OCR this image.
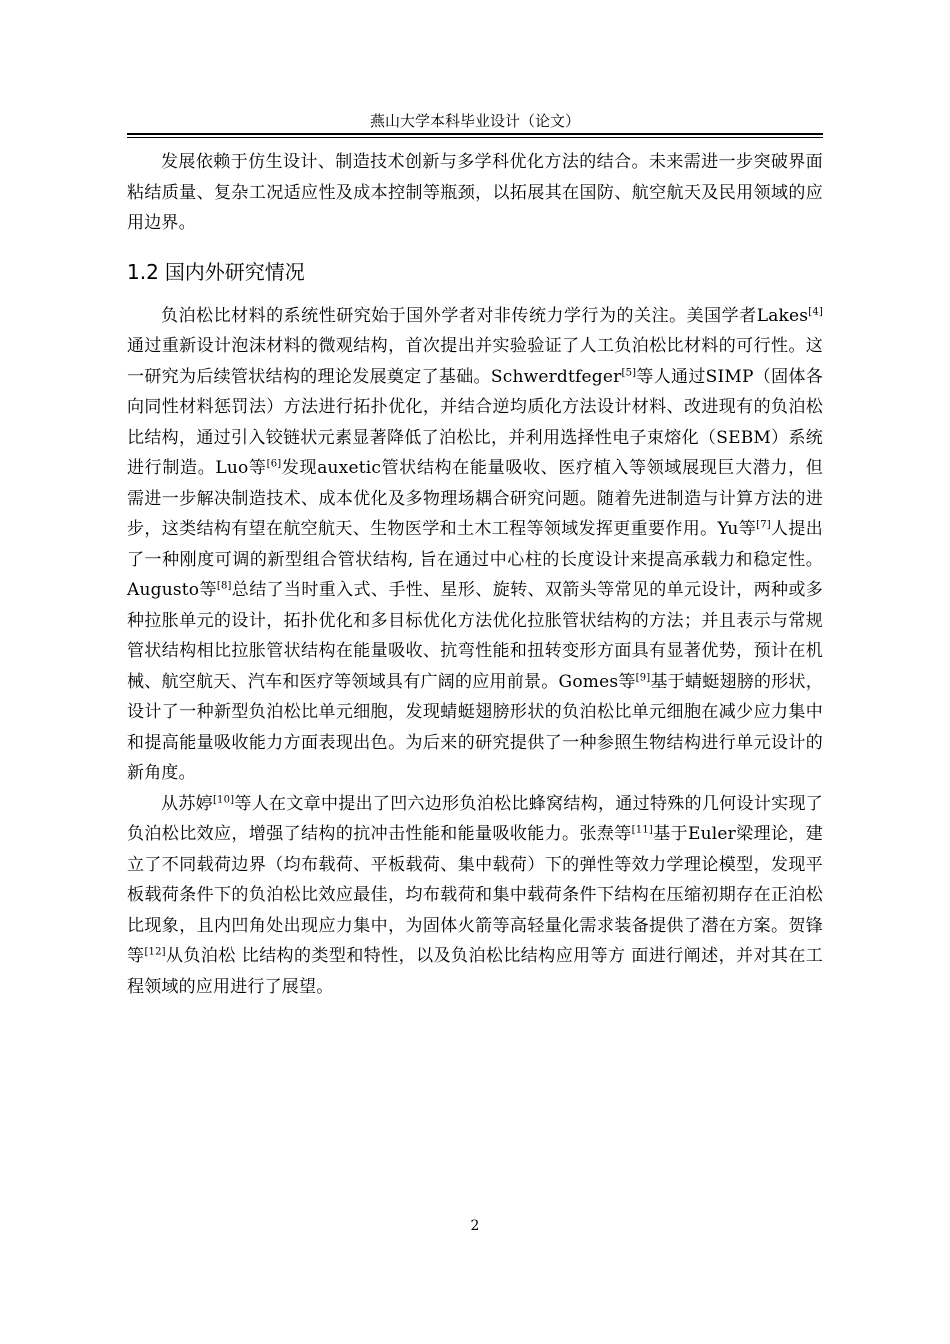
燕山大学本科毕业设计（论文）

发展依赖于仿生设计、制造技术创新与多学科优化方法的结合。未来需进一步突破界面粘结质量、复杂工况适应性及成本控制等瓶颈，以拓展其在国防、航空航天及民用领域的应用边界。

1.2 国内外研究情况

负泊松比材料的系统性研究始于国外学者对非传统力学行为的关注。美国学者Lakes[4]通过重新设计泡沫材料的微观结构，首次提出并实验验证了人工负泊松比材料的可行性。这一研究为后续管状结构的理论发展奠定了基础。Schwerdtfeger[5]等人通过SIMP（固体各向同性材料惩罚法）方法进行拓扑优化，并结合逆均质化方法设计材料、改进现有的负泊松比结构，通过引入铰链状元素显著降低了泊松比，并利用选择性电子束熔化（SEBM）系统进行制造。Luo等[6]发现auxetic管状结构在能量吸收、医疗植入等领域展现巨大潜力，但需进一步解决制造技术、成本优化及多物理场耦合研究问题。随着先进制造与计算方法的进步，这类结构有望在航空航天、生物医学和土木工程等领域发挥更重要作用。Yu等[7]人提出了一种刚度可调的新型组合管状结构, 旨在通过中心柱的长度设计来提高承载力和稳定性。Augusto等[8]总结了当时重入式、手性、星形、旋转、双箭头等常见的单元设计，两种或多种拉胀单元的设计，拓扑优化和多目标优化方法优化拉胀管状结构的方法；并且表示与常规管状结构相比拉胀管状结构在能量吸收、抗弯性能和扭转变形方面具有显著优势，预计在机械、航空航天、汽车和医疗等领域具有广阔的应用前景。Gomes等[9]基于蜻蜓翅膀的形状，设计了一种新型负泊松比单元细胞，发现蜻蜓翅膀形状的负泊松比单元细胞在减少应力集中和提高能量吸收能力方面表现出色。为后来的研究提供了一种参照生物结构进行单元设计的新角度。

从苏婷[10]等人在文章中提出了凹六边形负泊松比蜂窝结构，通过特殊的几何设计实现了负泊松比效应，增强了结构的抗冲击性能和能量吸收能力。张焘等[11]基于Euler梁理论，建立了不同载荷边界（均布载荷、平板载荷、集中载荷）下的弹性等效力学理论模型，发现平板载荷条件下的负泊松比效应最佳，均布载荷和集中载荷条件下结构在压缩初期存在正泊松比现象，且内凹角处出现应力集中，为固体火箭等高轻量化需求装备提供了潜在方案。贺锋等[12]从负泊松 比结构的类型和特性，以及负泊松比结构应用等方 面进行阐述，并对其在工程领域的应用进行了展望。

2
